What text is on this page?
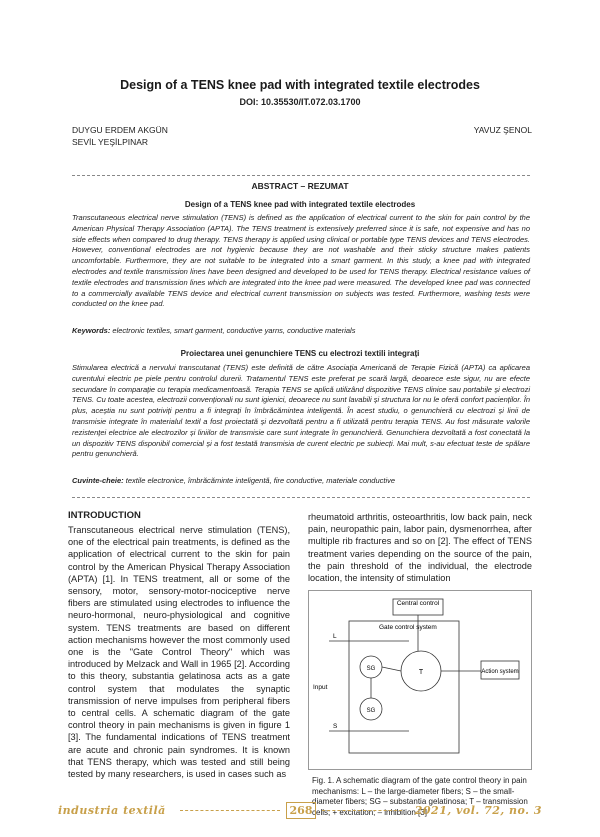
Design of a TENS knee pad with integrated textile electrodes
DOI: 10.35530/IT.072.03.1700
DUYGU ERDEM AKGÜN
SEVİL YEŞİLPINAR
YAVUZ ŞENOL
ABSTRACT – REZUMAT
Design of a TENS knee pad with integrated textile electrodes
Transcutaneous electrical nerve stimulation (TENS) is defined as the application of electrical current to the skin for pain control by the American Physical Therapy Association (APTA). The TENS treatment is extensively preferred since it is safe, not expensive and has no side effects when compared to drug therapy. TENS therapy is applied using clinical or portable type TENS devices and TENS electrodes. However, conventional electrodes are not hygienic because they are not washable and their sticky structure makes patients uncomfortable. Furthermore, they are not suitable to be integrated into a smart garment. In this study, a knee pad with integrated electrodes and textile transmission lines have been designed and developed to be used for TENS therapy. Electrical resistance values of textile electrodes and transmission lines which are integrated into the knee pad were measured. The developed knee pad was connected to a commercially available TENS device and electrical current transmission on subjects was tested. Furthermore, washing tests were conducted on the knee pad.
Keywords: electronic textiles, smart garment, conductive yarns, conductive materials
Proiectarea unei genunchiere TENS cu electrozi textili integrați
Stimularea electrică a nervului transcutanat (TENS) este definită de către Asociația Americană de Terapie Fizică (APTA) ca aplicarea curentului electric pe piele pentru controlul durerii. Tratamentul TENS este preferat pe scară largă, deoarece este sigur, nu are efecte secundare în comparație cu terapia medicamentoasă. Terapia TENS se aplică utilizând dispozitive TENS clinice sau portabile și electrozi TENS. Cu toate acestea, electrozii convenționali nu sunt igienici, deoarece nu sunt lavabili și structura lor nu le oferă confort pacienților. În plus, aceștia nu sunt potriviți pentru a fi integrați în îmbrăcămintea inteligentă. În acest studiu, o genunchieră cu electrozi și linii de transmisie integrate în materialul textil a fost proiectată și dezvoltată pentru a fi utilizată pentru terapia TENS. Au fost măsurate valorile rezistenței electrice ale electrozilor și liniilor de transmisie care sunt integrate în genunchieră. Genunchiera dezvoltată a fost conectată la un dispozitiv TENS disponibil comercial și a fost testată transmisia de curent electric pe subiecți. Mai mult, s-au efectuat teste de spălare pentru genunchieră.
Cuvinte-cheie: textile electronice, îmbrăcăminte inteligentă, fire conductive, materiale conductive
INTRODUCTION
Transcutaneous electrical nerve stimulation (TENS), one of the electrical pain treatments, is defined as the application of electrical current to the skin for pain control by the American Physical Therapy Association (APTA) [1]. In TENS treatment, all or some of the sensory, motor, sensory-motor-nociceptive nerve fibers are stimulated using electrodes to influence the neuro-hormonal, neuro-physiological and cognitive system. TENS treatments are based on different action mechanisms however the most commonly used one is the "Gate Control Theory" which was introduced by Melzack and Wall in 1965 [2]. According to this theory, substantia gelatinosa acts as a gate control system that modulates the synaptic transmission of nerve impulses from peripheral fibers to central cells. A schematic diagram of the gate control theory in pain mechanisms is given in figure 1 [3]. The fundamental indications of TENS treatment are acute and chronic pain syndromes. It is known that TENS therapy, which was tested and still being tested by many researchers, is used in cases such as
rheumatoid arthritis, osteoarthritis, low back pain, neck pain, neuropathic pain, labor pain, dysmenorrhea, after multiple rib fractures and so on [2]. The effect of TENS treatment varies depending on the source of the pain, the pain threshold of the individual, the electrode location, the intensity of stimulation
Central control
Gate control system
Input
L
S
SG
SG
T	Action system
Fig. 1. A schematic diagram of the gate control theory in pain mechanisms: L – the large-diameter fibers; S – the small-diameter fibers; SG – substantia gelatinosa; T – transmission cells; + excitation; – inhibition [3]
industria textilă	268	2021, vol. 72, no. 3
